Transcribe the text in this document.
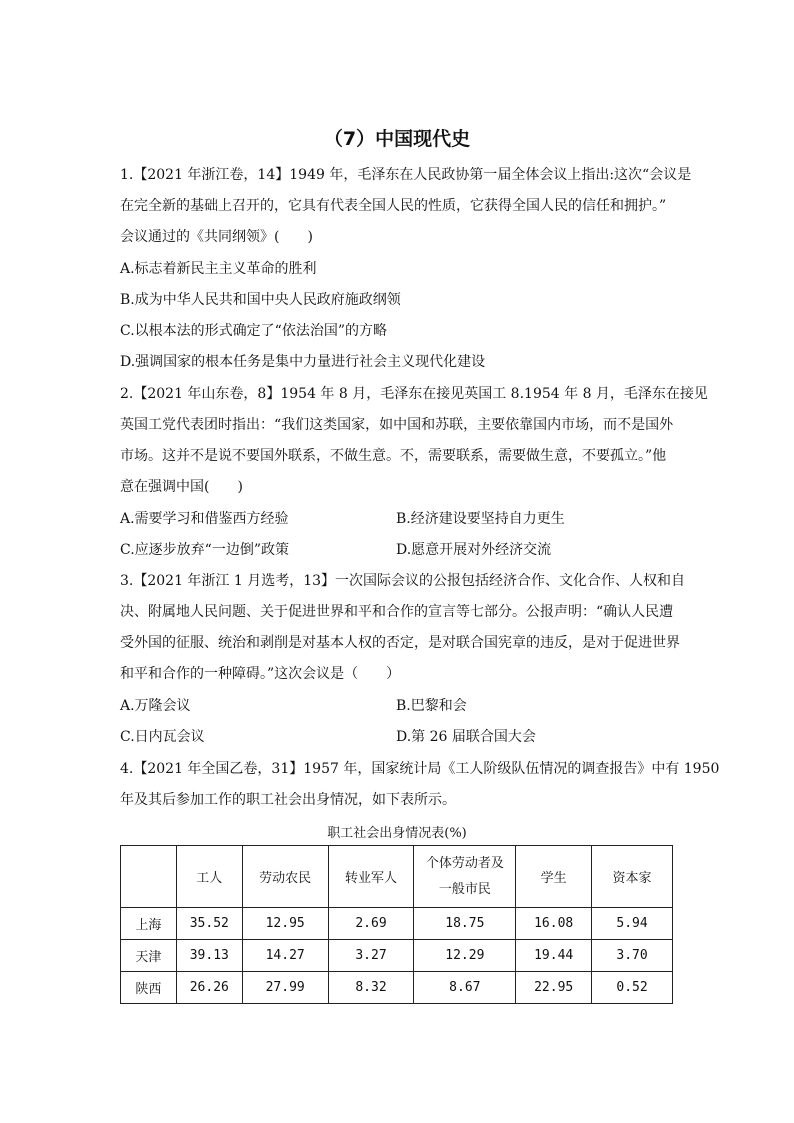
（7）中国现代史
1.【2021 年浙江卷，14】1949 年，毛泽东在人民政协第一届全体会议上指出:这次“会议是
在完全新的基础上召开的，它具有代表全国人民的性质，它获得全国人民的信任和拥护。”
会议通过的《共同纲领》(　　)
A.标志着新民主主义革命的胜利
B.成为中华人民共和国中央人民政府施政纲领
C.以根本法的形式确定了“依法治国”的方略
D.强调国家的根本任务是集中力量进行社会主义现代化建设
2.【2021 年山东卷，8】1954 年 8 月，毛泽东在接见英国工 8.1954 年 8 月，毛泽东在接见
英国工党代表团时指出：“我们这类国家，如中国和苏联，主要依靠国内市场，而不是国外
市场。这并不是说不要国外联系，不做生意。不，需要联系，需要做生意，不要孤立。”他
意在强调中国(　　)
A.需要学习和借鉴西方经验	B.经济建设要坚持自力更生
C.应逐步放弃“一边倒”政策	D.愿意开展对外经济交流
3.【2021 年浙江 1 月选考，13】一次国际会议的公报包括经济合作、文化合作、人权和自
决、附属地人民问题、关于促进世界和平和合作的宣言等七部分。公报声明：“确认人民遭
受外国的征服、统治和剥削是对基本人权的否定，是对联合国宪章的违反，是对于促进世界
和平和合作的一种障碍。”这次会议是（　　）
A.万隆会议	B.巴黎和会
C.日内瓦会议	D.第 26 届联合国大会
4.【2021 年全国乙卷，31】1957 年，国家统计局《工人阶级队伍情况的调查报告》中有 1950
年及其后参加工作的职工社会出身情况，如下表所示。
职工社会出身情况表(%)
	工人	劳动农民	转业军人	个体劳动者及
一般市民	学生	资本家
上海	35.52	12.95	2.69	18.75	16.08	5.94
天津	39.13	14.27	3.27	12.29	19.44	3.70
陕西	26.26	27.99	8.32	8.67	22.95	0.52
